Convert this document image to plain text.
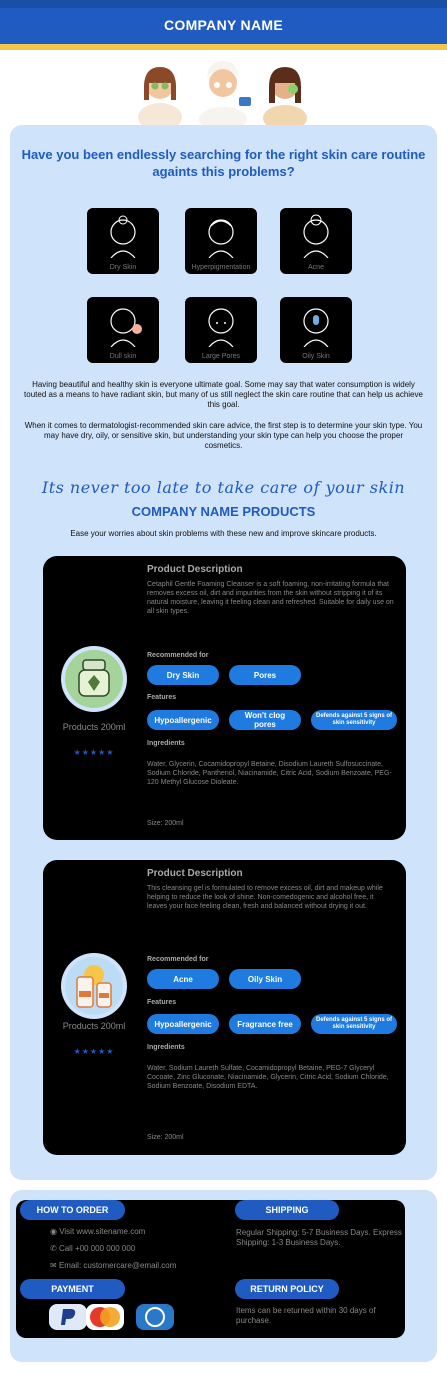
COMPANY NAME
Have you been endlessly searching for the right skin care routine againts this problems?
Dry Skin	Hyperpigmentation	Acne
Dull skin	Large Pores	Oily Skin
Having beautiful and healthy skin is everyone ultimate goal. Some may say that water consumption is widely touted as a means to have radiant skin, but many of us still neglect the skin care routine that can help us achieve this goal.
When it comes to dermatologist-recommended skin care advice, the first step is to determine your skin type. You may have dry, oily, or sensitive skin, but understanding your skin type can help you choose the proper cosmetics.
Its never too late to take care of your skin
COMPANY NAME PRODUCTS
Ease your worries about skin problems with these new and improve skincare products.
Products 200ml
★★★★★
Product Description
Cetaphil Gentle Foaming Cleanser is a soft foaming, non-irritating formula that removes excess oil, dirt and impurities from the skin without stripping it of its natural moisture, leaving it feeling clean and refreshed. Suitable for daily use on all skin types.
Recommended for
Dry Skin	Pores
Features
Hypoallergenic	Won't clog pores
Defends against 5 signs of skin sensitivity
Ingredients
Water, Glycerin, Cocamidopropyl Betaine, Disodium Laureth Sulfosuccinate, Sodium Chloride, Panthenol, Niacinamide, Citric Acid, Sodium Benzoate, PEG-120 Methyl Glucose Dioleate.
Size: 200ml
Products 200ml
★★★★★
Product Description
This cleansing gel is formulated to remove excess oil, dirt and makeup while helping to reduce the look of shine. Non-comedogenic and alcohol free, it leaves your face feeling clean, fresh and balanced without drying it out.
Recommended for
Acne	Oily Skin
Features
Hypoallergenic	Fragrance free	Defends against 5 signs of skin sensitivity
Ingredients
Water, Sodium Laureth Sulfate, Cocamidopropyl Betaine, PEG-7 Glyceryl Cocoate, Zinc Gluconate, Niacinamide, Glycerin, Citric Acid, Sodium Chloride, Sodium Benzoate, Disodium EDTA.
Size: 200ml
HOW TO ORDER
◉ Visit www.sitename.com
✆ Call +00 000 000 000
✉ Email: customercare@email.com
SHIPPING
Regular Shipping: 5-7 Business Days. Express Shipping: 1-3 Business Days.
PAYMENT	RETURN POLICY
Items can be returned within 30 days of purchase.
